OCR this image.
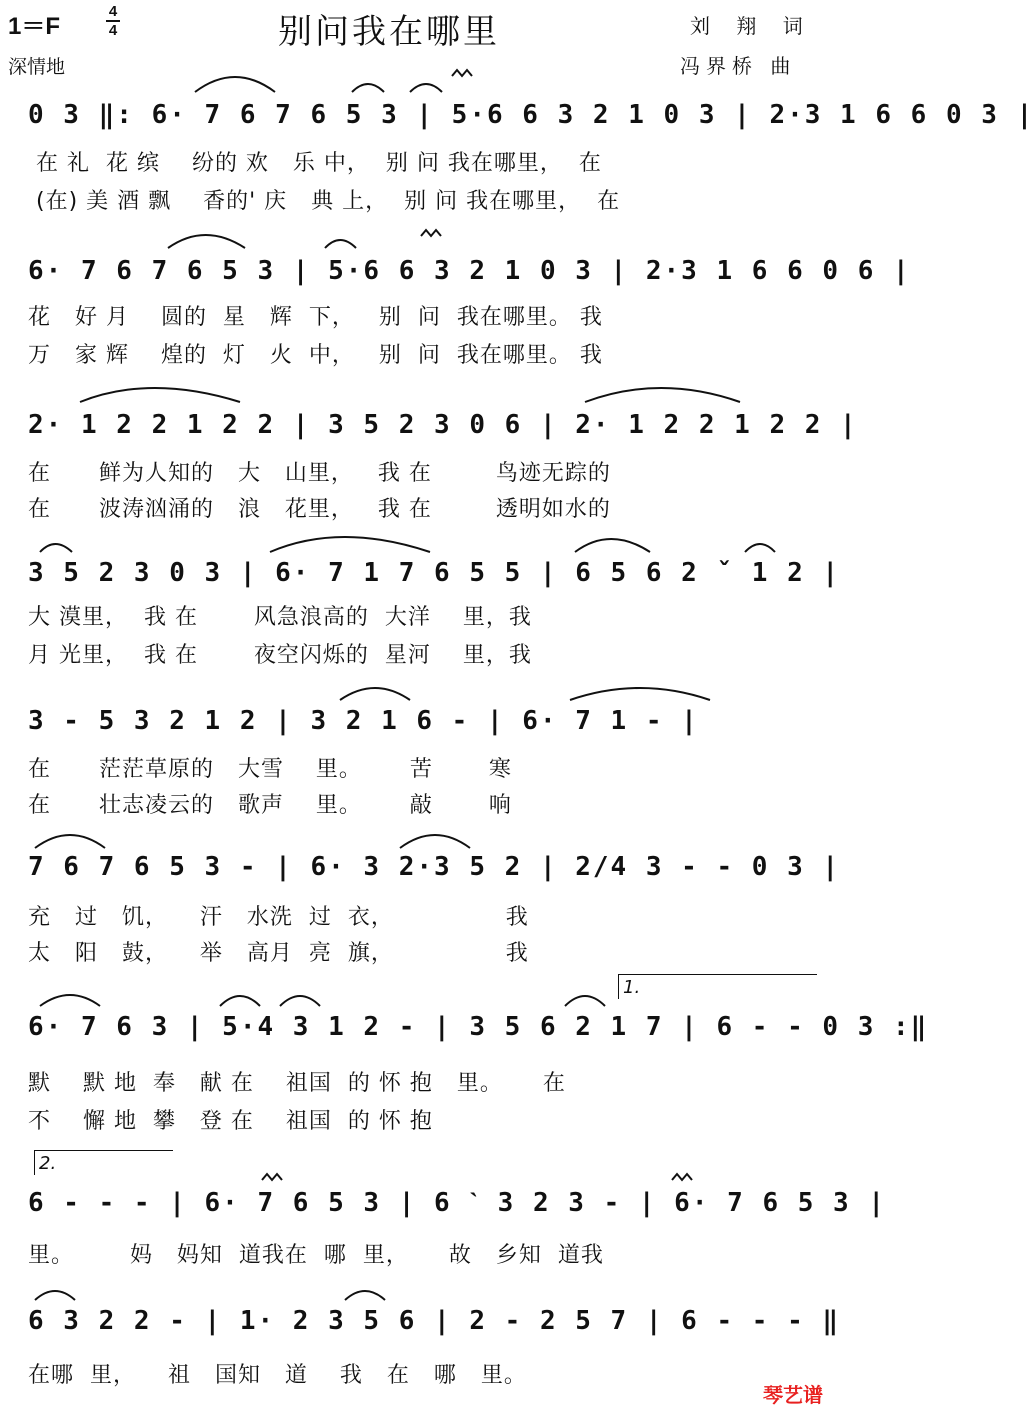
1＝F
4
4	别问我在哪里
深情地
刘 翔 词
冯界桥 曲
0 3 ‖: 6· 7 6 7 6 5 3 | 5·6 6 3 2 1 0 3 | 2·3 1 6 6 0 3 |
在 礼  花 缤    纷的 欢   乐 中，  别 问 我在哪里，  在
(在) 美 酒 飘    香的' 庆   典 上，  别 问 我在哪里，  在
6· 7 6 7 6 5 3 | 5·6 6 3 2 1 0 3 | 2·3 1 6 6 0 6 |
花   好 月    圆的  星   辉  下，   别  问  我在哪里。 我
万   家 辉    煌的  灯   火  中，   别  问  我在哪里。 我
2· 1 2 2 1 2 2 | 3 5 2 3 0 6 | 2· 1 2 2 1 2 2 |
在      鲜为人知的   大   山里，   我 在        鸟迹无踪的
在      波涛汹涌的   浪   花里，   我 在        透明如水的
3 5 2 3 0 3 | 6· 7 1 7 6 5 5 | 6 5 6 2 ˇ 1 2 |
大 漠里，  我 在       风急浪高的  大洋    里，我
月 光里，  我 在       夜空闪烁的  星河    里，我
3 - 5 3 2 1 2 | 3 2 1 6 - | 6· 7 1 - |
在      茫茫草原的   大雪    里。      苦       寒
在      壮志凌云的   歌声    里。      敲       响
7 6 7 6 5 3 - | 6· 3 2·3 5 2 | 2/4 3 - - 0 3 |
充   过   饥，    汗   水洗  过  衣，              我
太   阳   鼓，    举   高月  亮  旗，              我
1.
6· 7 6 3 | 5·4 3 1 2 - | 3 5 6 2 1 7 | 6 - - 0 3 :‖
默    默 地  奉   献 在    祖国  的 怀 抱   里。     在
不    懈 地  攀   登 在    祖国  的 怀 抱
2.
6 - - - | 6· 7 6 5 3 | 6 ˋ 3 2 3 - | 6· 7 6 5 3 |
里。       妈   妈知  道我在  哪  里，     故   乡知  道我
6 3 2 2 - | 1· 2 3 5 6 | 2 - 2 5 7 | 6 - - - ‖
在哪  里，    祖   国知   道    我   在   哪   里。
琴艺谱
